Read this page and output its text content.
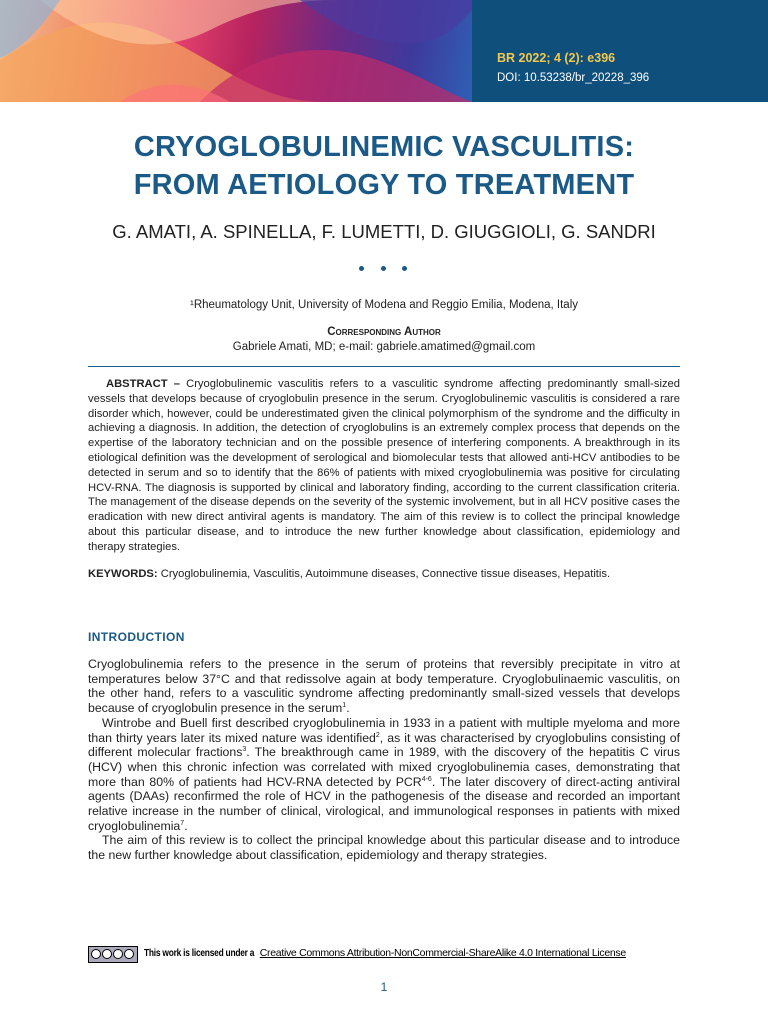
BR 2022; 4 (2): e396
DOI: 10.53238/br_20228_396
CRYOGLOBULINEMIC VASCULITIS:
FROM AETIOLOGY TO TREATMENT
G. AMATI, A. SPINELLA, F. LUMETTI, D. GIUGGIOLI, G. SANDRI
¹Rheumatology Unit, University of Modena and Reggio Emilia, Modena, Italy
Corresponding Author
Gabriele Amati, MD; e-mail: gabriele.amatimed@gmail.com
ABSTRACT – Cryoglobulinemic vasculitis refers to a vasculitic syndrome affecting predominantly small-sized vessels that develops because of cryoglobulin presence in the serum. Cryoglobulinemic vasculitis is considered a rare disorder which, however, could be underestimated given the clinical polymorphism of the syndrome and the difficulty in achieving a diagnosis. In addition, the detection of cryoglobulins is an extremely complex process that depends on the expertise of the laboratory technician and on the possible presence of interfering components. A breakthrough in its etiological definition was the development of serological and biomolecular tests that allowed anti-HCV antibodies to be detected in serum and so to identify that the 86% of patients with mixed cryoglobulinemia was positive for circulating HCV-RNA. The diagnosis is supported by clinical and laboratory finding, according to the current classification criteria. The management of the disease depends on the severity of the systemic involvement, but in all HCV positive cases the eradication with new direct antiviral agents is mandatory. The aim of this review is to collect the principal knowledge about this particular disease, and to introduce the new further knowledge about classification, epidemiology and therapy strategies.
KEYWORDS: Cryoglobulinemia, Vasculitis, Autoimmune diseases, Connective tissue diseases, Hepatitis.
INTRODUCTION

Cryoglobulinemia refers to the presence in the serum of proteins that reversibly precipitate in vitro at temperatures below 37°C and that redissolve again at body temperature. Cryoglobulinaemic vasculitis, on the other hand, refers to a vasculitic syndrome affecting predominantly small-sized vessels that develops because of cryoglobulin presence in the serum$^1$.

Wintrobe and Buell first described cryoglobulinemia in 1933 in a patient with multiple myeloma and more than thirty years later its mixed nature was identified$^2$, as it was characterised by cryoglobulins consisting of different molecular fractions$^3$. The breakthrough came in 1989, with the discovery of the hepatitis C virus (HCV) when this chronic infection was correlated with mixed cryoglobulinemia cases, demonstrating that more than 80% of patients had HCV-RNA detected by PCR$^{4-6}$. The later discovery of direct-acting antiviral agents (DAAs) reconfirmed the role of HCV in the pathogenesis of the disease and recorded an important relative increase in the number of clinical, virological, and immunological responses in patients with mixed cryoglobulinemia$^7$.

The aim of this review is to collect the principal knowledge about this particular disease and to introduce the new further knowledge about classification, epidemiology and therapy strategies.

This work is licensed under aCreative Commons Attribution-NonCommercial-ShareAlike 4.0 International License
1
